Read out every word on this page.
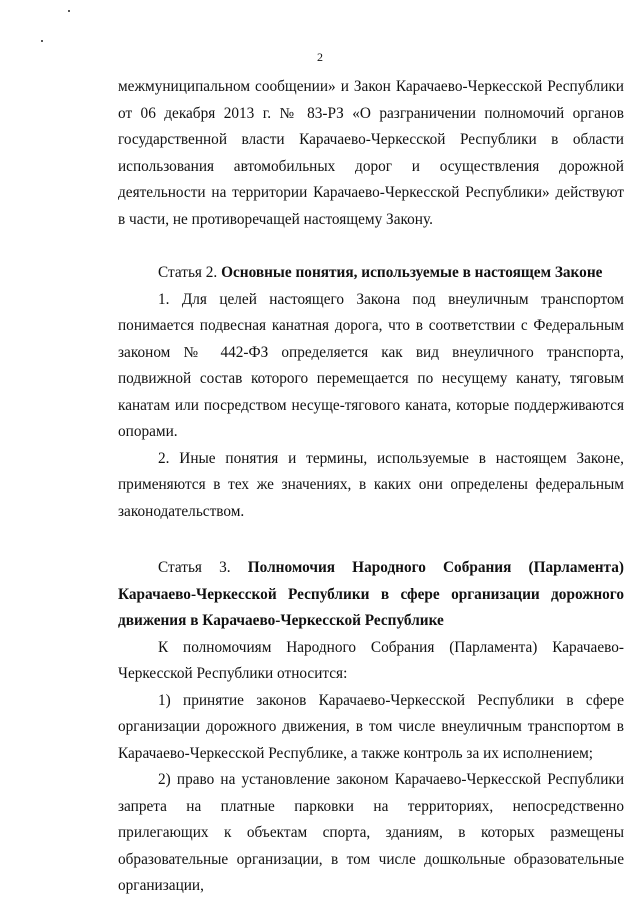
2

межмуниципальном сообщении» и Закон Карачаево-Черкесской Республики от 06 декабря 2013 г. № 83-РЗ «О разграничении полномочий органов государственной власти Карачаево-Черкесской Республики в области использования автомобильных дорог и осуществления дорожной деятельности на территории Карачаево-Черкесской Республики» действуют в части, не противоречащей настоящему Закону.

Статья 2. Основные понятия, используемые в настоящем Законе

1. Для целей настоящего Закона под внеуличным транспортом понимается подвесная канатная дорога, что в соответствии с Федеральным законом № 442-ФЗ определяется как вид внеуличного транспорта, подвижной состав которого перемещается по несущему канату, тяговым канатам или посредством несуще-тягового каната, которые поддерживаются опорами.

2. Иные понятия и термины, используемые в настоящем Законе, применяются в тех же значениях, в каких они определены федеральным законодательством.

Статья 3. Полномочия Народного Собрания (Парламента) Карачаево-Черкесской Республики в сфере организации дорожного движения в Карачаево-Черкесской Республике

К полномочиям Народного Собрания (Парламента) Карачаево-Черкесской Республики относится:

1) принятие законов Карачаево-Черкесской Республики в сфере организации дорожного движения, в том числе внеуличным транспортом в Карачаево-Черкесской Республике, а также контроль за их исполнением;

2) право на установление законом Карачаево-Черкесской Республики запрета на платные парковки на территориях, непосредственно прилегающих к объектам спорта, зданиям, в которых размещены образовательные организации, в том числе дошкольные образовательные организации,
